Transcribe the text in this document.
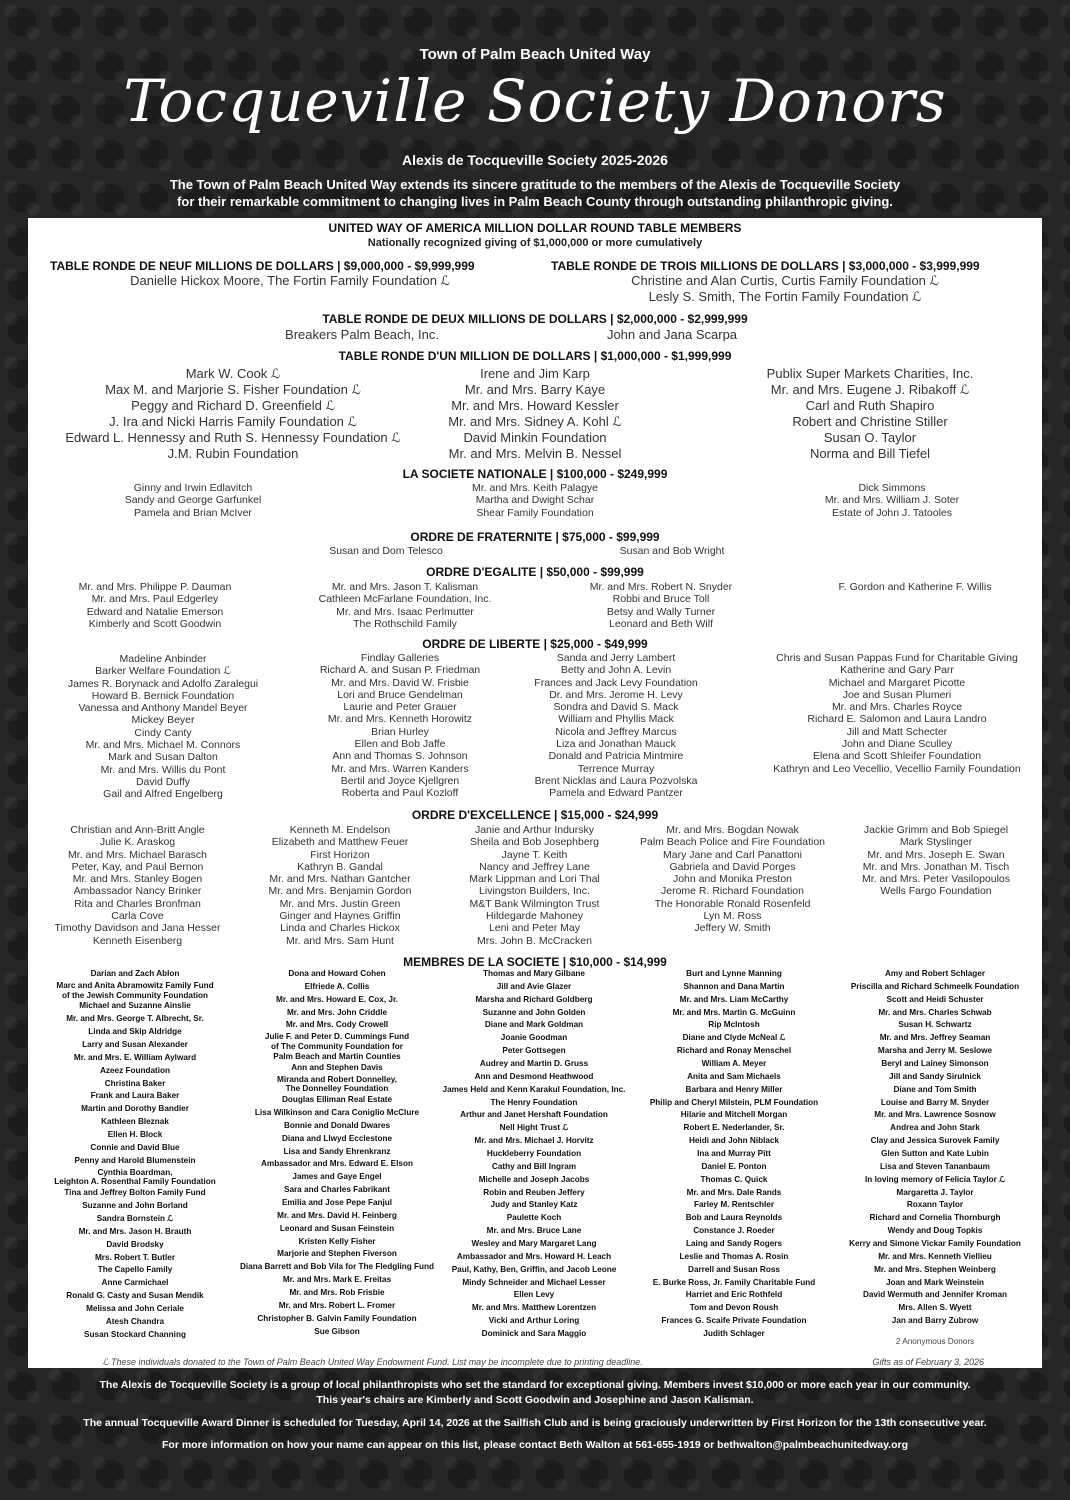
Town of Palm Beach United Way
Tocqueville Society Donors
Alexis de Tocqueville Society 2025-2026
The Town of Palm Beach United Way extends its sincere gratitude to the members of the Alexis de Tocqueville Society
for their remarkable commitment to changing lives in Palm Beach County through outstanding philanthropic giving.
UNITED WAY OF AMERICA MILLION DOLLAR ROUND TABLE MEMBERS
Nationally recognized giving of $1,000,000 or more cumulatively
TABLE RONDE DE NEUF MILLIONS DE DOLLARS | $9,000,000 - $9,999,999
Danielle Hickox Moore, The Fortin Family Foundation ℒ
TABLE RONDE DE TROIS MILLIONS DE DOLLARS | $3,000,000 - $3,999,999
Christine and Alan Curtis, Curtis Family Foundation ℒ
Lesly S. Smith, The Fortin Family Foundation ℒ
TABLE RONDE DE DEUX MILLIONS DE DOLLARS | $2,000,000 - $2,999,999
Breakers Palm Beach, Inc.	John and Jana Scarpa
TABLE RONDE D'UN MILLION DE DOLLARS | $1,000,000 - $1,999,999
Mark W. Cook ℒ
Max M. and Marjorie S. Fisher Foundation ℒ
Peggy and Richard D. Greenfield ℒ
J. Ira and Nicki Harris Family Foundation ℒ
Edward L. Hennessy and Ruth S. Hennessy Foundation ℒ
J.M. Rubin Foundation
Irene and Jim Karp
Mr. and Mrs. Barry Kaye
Mr. and Mrs. Howard Kessler
Mr. and Mrs. Sidney A. Kohl ℒ
David Minkin Foundation
Mr. and Mrs. Melvin B. Nessel
Publix Super Markets Charities, Inc.
Mr. and Mrs. Eugene J. Ribakoff ℒ
Carl and Ruth Shapiro
Robert and Christine Stiller
Susan O. Taylor
Norma and Bill Tiefel
LA SOCIETE NATIONALE | $100,000 - $249,999
Ginny and Irwin Edlavitch
Sandy and George Garfunkel
Pamela and Brian McIver
Mr. and Mrs. Keith Palagye
Martha and Dwight Schar
Shear Family Foundation
Dick Simmons
Mr. and Mrs. William J. Soter
Estate of John J. Tatooles
ORDRE DE FRATERNITE | $75,000 - $99,999
Susan and Dom Telesco	Susan and Bob Wright
ORDRE D'EGALITE | $50,000 - $99,999
Mr. and Mrs. Philippe P. Dauman
Mr. and Mrs. Paul Edgerley
Edward and Natalie Emerson
Kimberly and Scott Goodwin
Mr. and Mrs. Jason T. Kalisman
Cathleen McFarlane Foundation, Inc.
Mr. and Mrs. Isaac Perlmutter
The Rothschild Family
Mr. and Mrs. Robert N. Snyder
Robbi and Bruce Toll
Betsy and Wally Turner
Leonard and Beth Wilf
F. Gordon and Katherine F. Willis
ORDRE DE LIBERTE | $25,000 - $49,999
Madeline Anbinder
Barker Welfare Foundation ℒ
James R. Borynack and Adolfo Zaralegui
Howard B. Bernick Foundation
Vanessa and Anthony Mandel Beyer
Mickey Beyer
Cindy Canty
Mr. and Mrs. Michael M. Connors
Mark and Susan Dalton
Mr. and Mrs. Willis du Pont
David Duffy
Gail and Alfred Engelberg
Findlay Galleries
Richard A. and Susan P. Friedman
Mr. and Mrs. David W. Frisbie
Lori and Bruce Gendelman
Laurie and Peter Grauer
Mr. and Mrs. Kenneth Horowitz
Brian Hurley
Ellen and Bob Jaffe
Ann and Thomas S. Johnson
Mr. and Mrs. Warren Kanders
Bertil and Joyce Kjellgren
Roberta and Paul Kozloff
Sanda and Jerry Lambert
Betty and John A. Levin
Frances and Jack Levy Foundation
Dr. and Mrs. Jerome H. Levy
Sondra and David S. Mack
William and Phyllis Mack
Nicola and Jeffrey Marcus
Liza and Jonathan Mauck
Donald and Patricia Mintmire
Terrence Murray
Brent Nicklas and Laura Pozvolska
Pamela and Edward Pantzer
Chris and Susan Pappas Fund for Charitable Giving
Katherine and Gary Parr
Michael and Margaret Picotte
Joe and Susan Plumeri
Mr. and Mrs. Charles Royce
Richard E. Salomon and Laura Landro
Jill and Matt Schecter
John and Diane Sculley
Elena and Scott Shleifer Foundation
Kathryn and Leo Vecellio, Vecellio Family Foundation
ORDRE D'EXCELLENCE | $15,000 - $24,999
Christian and Ann-Britt Angle
Julie K. Araskog
Mr. and Mrs. Michael Barasch
Peter, Kay, and Paul Bernon
Mr. and Mrs. Stanley Bogen
Ambassador Nancy Brinker
Rita and Charles Bronfman
Carla Cove
Timothy Davidson and Jana Hesser
Kenneth Eisenberg
Kenneth M. Endelson
Elizabeth and Matthew Feuer
First Horizon
Kathryn B. Gandal
Mr. and Mrs. Nathan Gantcher
Mr. and Mrs. Benjamin Gordon
Mr. and Mrs. Justin Green
Ginger and Haynes Griffin
Linda and Charles Hickox
Mr. and Mrs. Sam Hunt
Janie and Arthur Indursky
Sheila and Bob Josephberg
Jayne T. Keith
Nancy and Jeffrey Lane
Mark Lippman and Lori Thal
Livingston Builders, Inc.
M&T Bank Wilmington Trust
Hildegarde Mahoney
Leni and Peter May
Mrs. John B. McCracken
Mr. and Mrs. Bogdan Nowak
Palm Beach Police and Fire Foundation
Mary Jane and Carl Panattoni
Gabriela and David Porges
John and Monika Preston
Jerome R. Richard Foundation
The Honorable Ronald Rosenfeld
Lyn M. Ross
Jeffery W. Smith
Jackie Grimm and Bob Spiegel
Mark Styslinger
Mr. and Mrs. Joseph E. Swan
Mr. and Mrs. Jonathan M. Tisch
Mr. and Mrs. Peter Vasilopoulos
Wells Fargo Foundation
MEMBRES DE LA SOCIETE | $10,000 - $14,999
Darian and Zach Ablon
Marc and Anita Abramowitz Family Fund
of the Jewish Community Foundation
Michael and Suzanne Ainslie
Mr. and Mrs. George T. Albrecht, Sr.
Linda and Skip Aldridge
Larry and Susan Alexander
Mr. and Mrs. E. William Aylward
Azeez Foundation
Christina Baker
Frank and Laura Baker
Martin and Dorothy Bandier
Kathleen Bleznak
Ellen H. Block
Connie and David Blue
Penny and Harold Blumenstein
Cynthia Boardman,
Leighton A. Rosenthal Family Foundation
Tina and Jeffrey Bolton Family Fund
Suzanne and John Borland
Sandra Bornstein ℒ
Mr. and Mrs. Jason H. Brauth
David Brodsky
Mrs. Robert T. Butler
The Capello Family
Anne Carmichael
Ronald G. Casty and Susan Mendik
Melissa and John Ceriale
Atesh Chandra
Susan Stockard Channing
Dona and Howard Cohen
Elfriede A. Collis
Mr. and Mrs. Howard E. Cox, Jr.
Mr. and Mrs. John Criddle
Mr. and Mrs. Cody Crowell
Julie F. and Peter D. Cummings Fund
of The Community Foundation for
Palm Beach and Martin Counties
Ann and Stephen Davis
Miranda and Robert Donnelley,
The Donnelley Foundation
Douglas Elliman Real Estate
Lisa Wilkinson and Cara Coniglio McClure
Bonnie and Donald Dwares
Diana and Llwyd Ecclestone
Lisa and Sandy Ehrenkranz
Ambassador and Mrs. Edward E. Elson
James and Gaye Engel
Sara and Charles Fabrikant
Emilia and Jose Pepe Fanjul
Mr. and Mrs. David H. Feinberg
Leonard and Susan Feinstein
Kristen Kelly Fisher
Marjorie and Stephen Fiverson
Diana Barrett and Bob Vila for The Fledgling Fund
Mr. and Mrs. Mark E. Freitas
Mr. and Mrs. Rob Frisbie
Mr. and Mrs. Robert L. Fromer
Christopher B. Galvin Family Foundation
Sue Gibson
Thomas and Mary Gilbane
Jill and Avie Glazer
Marsha and Richard Goldberg
Suzanne and John Golden
Diane and Mark Goldman
Joanie Goodman
Peter Gottsegen
Audrey and Martin D. Gruss
Ann and Desmond Heathwood
James Held and Kenn Karakul Foundation, Inc.
The Henry Foundation
Arthur and Janet Hershaft Foundation
Nell Hight Trust ℒ
Mr. and Mrs. Michael J. Horvitz
Huckleberry Foundation
Cathy and Bill Ingram
Michelle and Joseph Jacobs
Robin and Reuben Jeffery
Judy and Stanley Katz
Paulette Koch
Mr. and Mrs. Bruce Lane
Wesley and Mary Margaret Lang
Ambassador and Mrs. Howard H. Leach
Paul, Kathy, Ben, Griffin, and Jacob Leone
Mindy Schneider and Michael Lesser
Ellen Levy
Mr. and Mrs. Matthew Lorentzen
Vicki and Arthur Loring
Dominick and Sara Maggio
Burt and Lynne Manning
Shannon and Dana Martin
Mr. and Mrs. Liam McCarthy
Mr. and Mrs. Martin G. McGuinn
Rip McIntosh
Diane and Clyde McNeal ℒ
Richard and Ronay Menschel
William A. Meyer
Anita and Sam Michaels
Barbara and Henry Miller
Philip and Cheryl Milstein, PLM Foundation
Hilarie and Mitchell Morgan
Robert E. Nederlander, Sr.
Heidi and John Niblack
Ina and Murray Pitt
Daniel E. Ponton
Thomas C. Quick
Mr. and Mrs. Dale Rands
Farley M. Rentschler
Bob and Laura Reynolds
Constance J. Roeder
Laing and Sandy Rogers
Leslie and Thomas A. Rosin
Darrell and Susan Ross
E. Burke Ross, Jr. Family Charitable Fund
Harriet and Eric Rothfeld
Tom and Devon Roush
Frances G. Scaife Private Foundation
Judith Schlager
Amy and Robert Schlager
Priscilla and Richard Schmeelk Foundation
Scott and Heidi Schuster
Mr. and Mrs. Charles Schwab
Susan H. Schwartz
Mr. and Mrs. Jeffrey Seaman
Marsha and Jerry M. Seslowe
Beryl and Lainey Simonson
Jill and Sandy Sirulnick
Diane and Tom Smith
Louise and Barry M. Snyder
Mr. and Mrs. Lawrence Sosnow
Andrea and John Stark
Clay and Jessica Surovek Family
Glen Sutton and Kate Lubin
Lisa and Steven Tananbaum
In loving memory of Felicia Taylor ℒ
Margaretta J. Taylor
Roxann Taylor
Richard and Cornelia Thornburgh
Wendy and Doug Topkis
Kerry and Simone Vickar Family Foundation
Mr. and Mrs. Kenneth Viellieu
Mr. and Mrs. Stephen Weinberg
Joan and Mark Weinstein
David Wermuth and Jennifer Kroman
Mrs. Allen S. Wyett
Jan and Barry Zubrow
2 Anonymous Donors
ℒ These individuals donated to the Town of Palm Beach United Way Endowment Fund. List may be incomplete due to printing deadline.	Gifts as of February 3, 2026
The Alexis de Tocqueville Society is a group of local philanthropists who set the standard for exceptional giving. Members invest $10,000 or more each year in our community.
This year's chairs are Kimberly and Scott Goodwin and Josephine and Jason Kalisman.
The annual Tocqueville Award Dinner is scheduled for Tuesday, April 14, 2026 at the Sailfish Club and is being graciously underwritten by First Horizon for the 13th consecutive year.
For more information on how your name can appear on this list, please contact Beth Walton at 561-655-1919 or bethwalton@palmbeachunitedway.org
